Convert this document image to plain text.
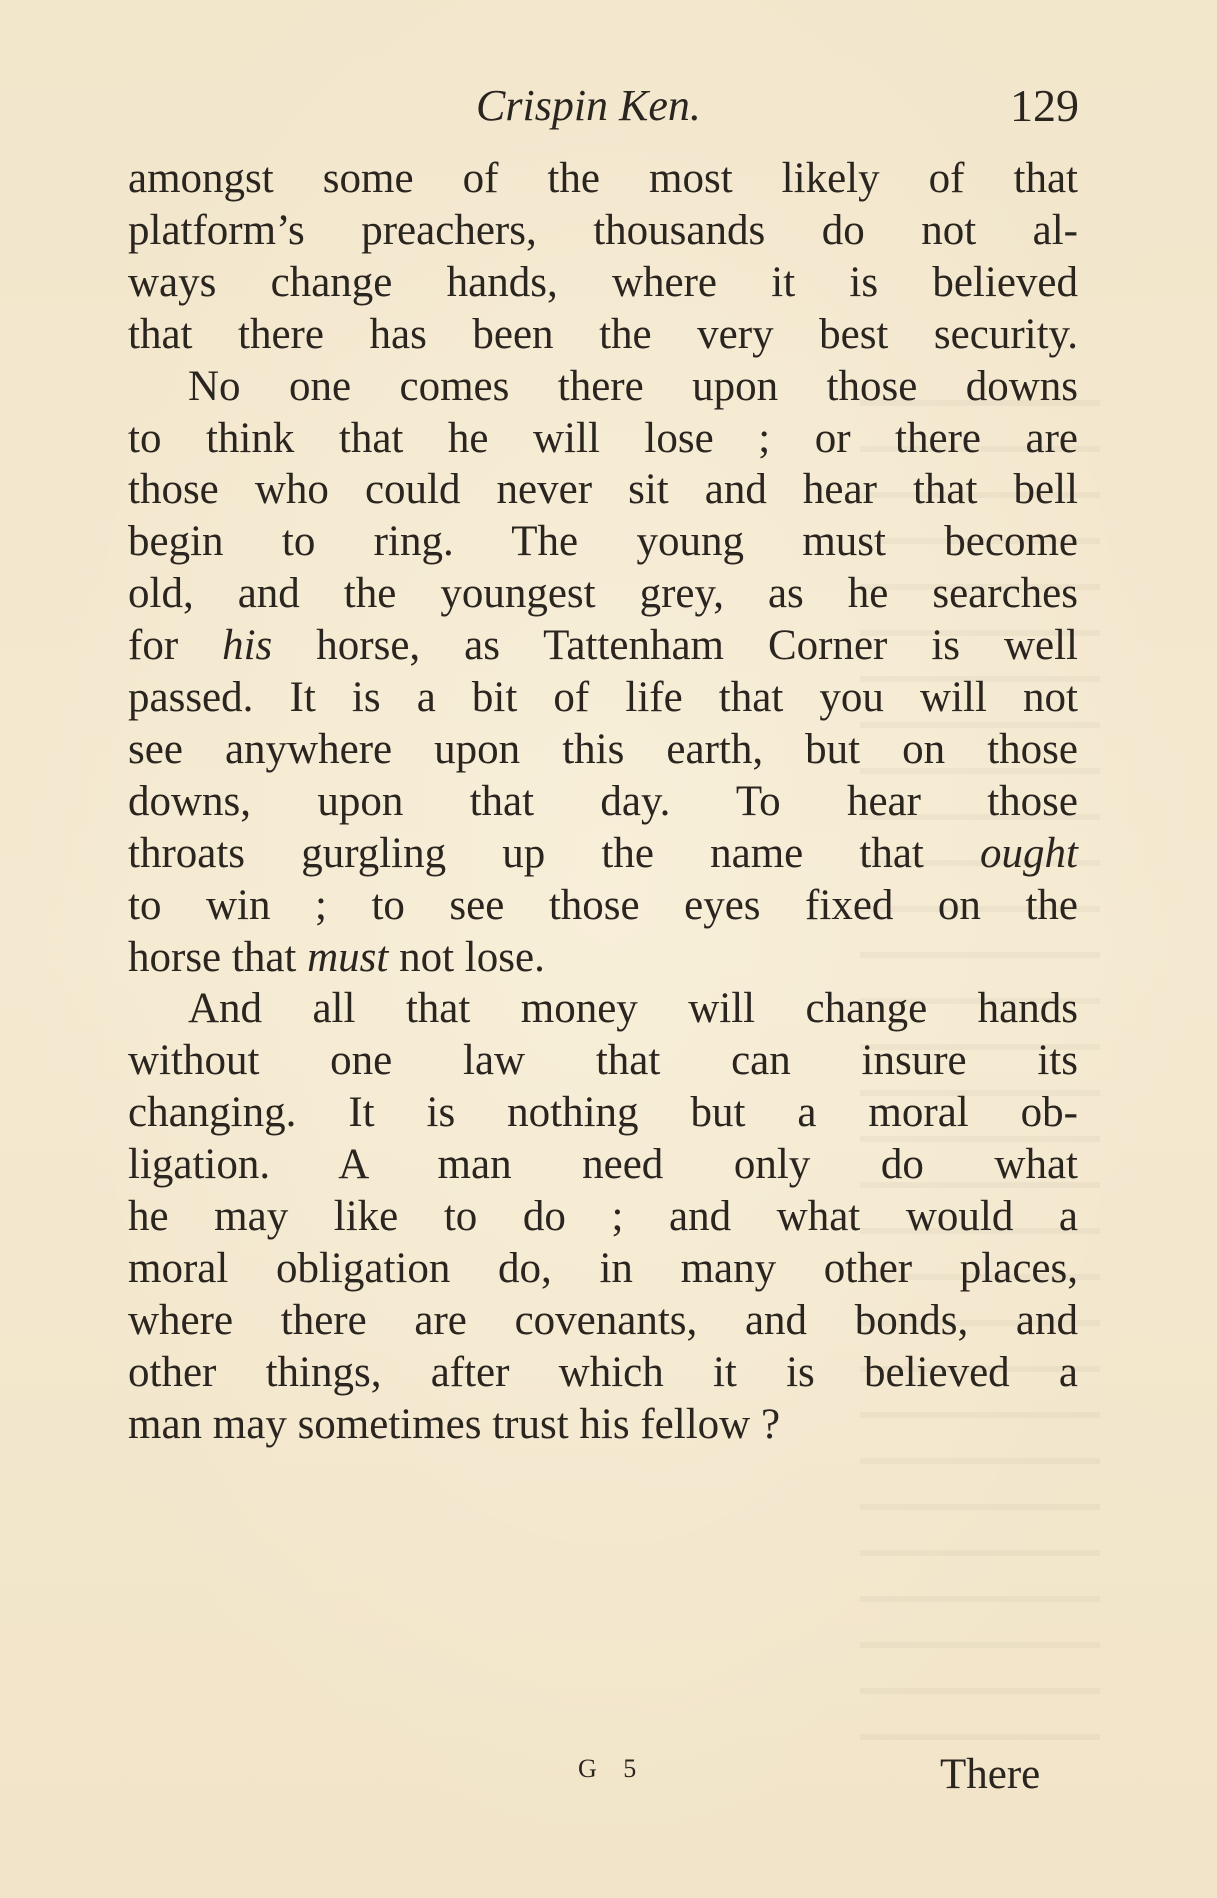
Crispin Ken.	129
amongst some of the most likely of that
platform’s preachers, thousands do not al-
ways change hands, where it is believed
that there has been the very best security.
No one comes there upon those downs
to think that he will lose ; or there are
those who could never sit and hear that bell
begin to ring. The young must become
old, and the youngest grey, as he searches
for his horse, as Tattenham Corner is well
passed. It is a bit of life that you will not
see anywhere upon this earth, but on those
downs, upon that day. To hear those
throats gurgling up the name that ought
to win ; to see those eyes fixed on the
horse that must not lose.
And all that money will change hands
without one law that can insure its
changing. It is nothing but a moral ob-
ligation. A man need only do what
he may like to do ; and what would a
moral obligation do, in many other places,
where there are covenants, and bonds, and
other things, after which it is believed a
man may sometimes trust his fellow ?
G 5	There
